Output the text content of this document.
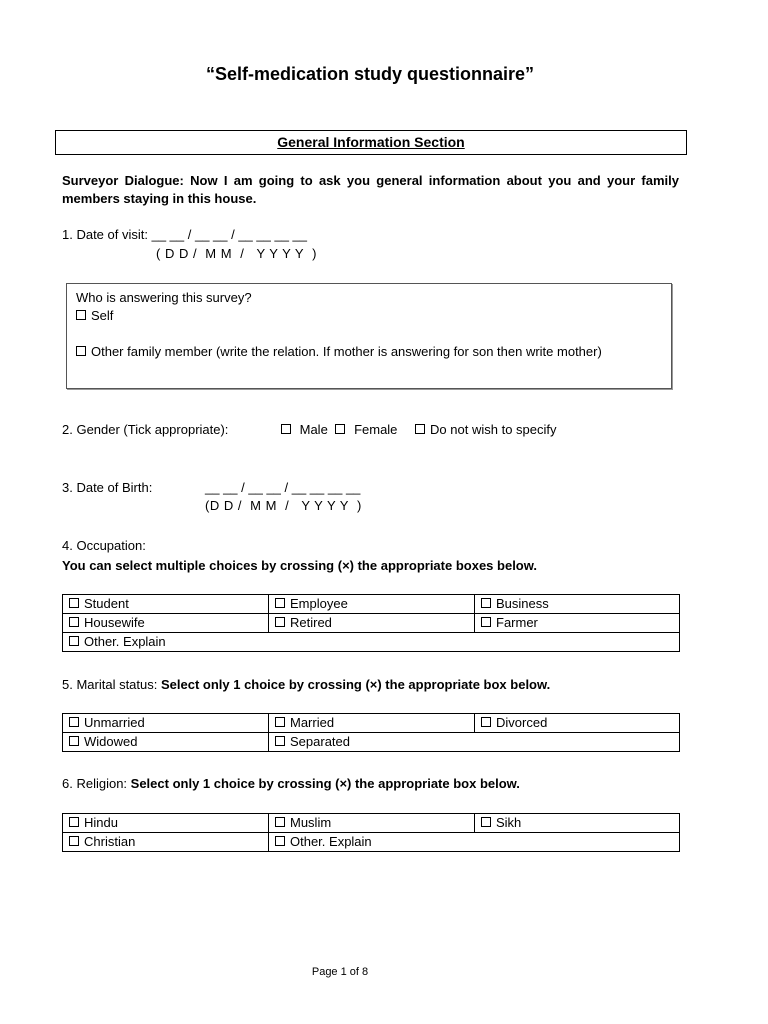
“Self-medication study questionnaire”
General Information Section
Surveyor Dialogue: Now I am going to ask you general information about you and your family members staying in this house.
1. Date of visit: __ __ / __ __ / __ __ __ __
( D D /  M M  /   Y Y Y Y  )
Who is answering this survey?
Self
Other family member (write the relation. If mother is answering for son then write mother)
2. Gender (Tick appropriate):	Male Female	Do not wish to specify
3. Date of Birth:	__ __ / __ __ / __ __ __ __
(D D /  M M  /   Y Y Y Y  )
4. Occupation:
You can select multiple choices by crossing (×) the appropriate boxes below.
Student	Employee	Business
Housewife	Retired	Farmer
Other. Explain		
5. Marital status: Select only 1 choice by crossing (×) the appropriate box below.
Unmarried	Married	Divorced
Widowed	Separated	
6. Religion: Select only 1 choice by crossing (×) the appropriate box below.
Hindu	Muslim	Sikh
Christian	Other. Explain	
Page 1 of 8
